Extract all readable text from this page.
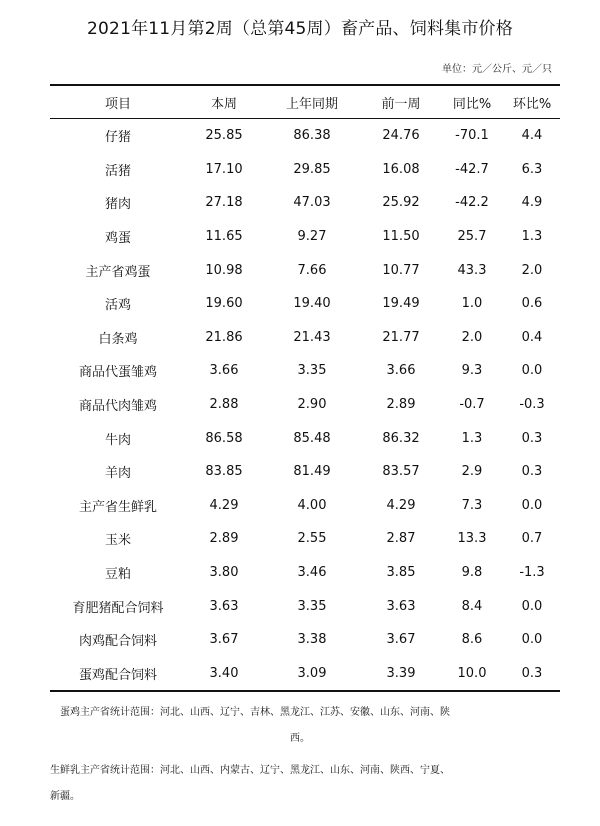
2021年11月第2周（总第45周）畜产品、饲料集市价格
单位：元／公斤、元／只
项目	本周	上年同期	前一周	同比%	环比%
仔猪	25.85	86.38	24.76	-70.1	4.4
活猪	17.10	29.85	16.08	-42.7	6.3
猪肉	27.18	47.03	25.92	-42.2	4.9
鸡蛋	11.65	9.27	11.50	25.7	1.3
主产省鸡蛋	10.98	7.66	10.77	43.3	2.0
活鸡	19.60	19.40	19.49	1.0	0.6
白条鸡	21.86	21.43	21.77	2.0	0.4
商品代蛋雏鸡	3.66	3.35	3.66	9.3	0.0
商品代肉雏鸡	2.88	2.90	2.89	-0.7	-0.3
牛肉	86.58	85.48	86.32	1.3	0.3
羊肉	83.85	81.49	83.57	2.9	0.3
主产省生鲜乳	4.29	4.00	4.29	7.3	0.0
玉米	2.89	2.55	2.87	13.3	0.7
豆粕	3.80	3.46	3.85	9.8	-1.3
育肥猪配合饲料	3.63	3.35	3.63	8.4	0.0
肉鸡配合饲料	3.67	3.38	3.67	8.6	0.0
蛋鸡配合饲料	3.40	3.09	3.39	10.0	0.3
蛋鸡主产省统计范围：河北、山西、辽宁、吉林、黑龙江、江苏、安徽、山东、河南、陕
西。
生鲜乳主产省统计范围：河北、山西、内蒙古、辽宁、黑龙江、山东、河南、陕西、宁夏、
新疆。
